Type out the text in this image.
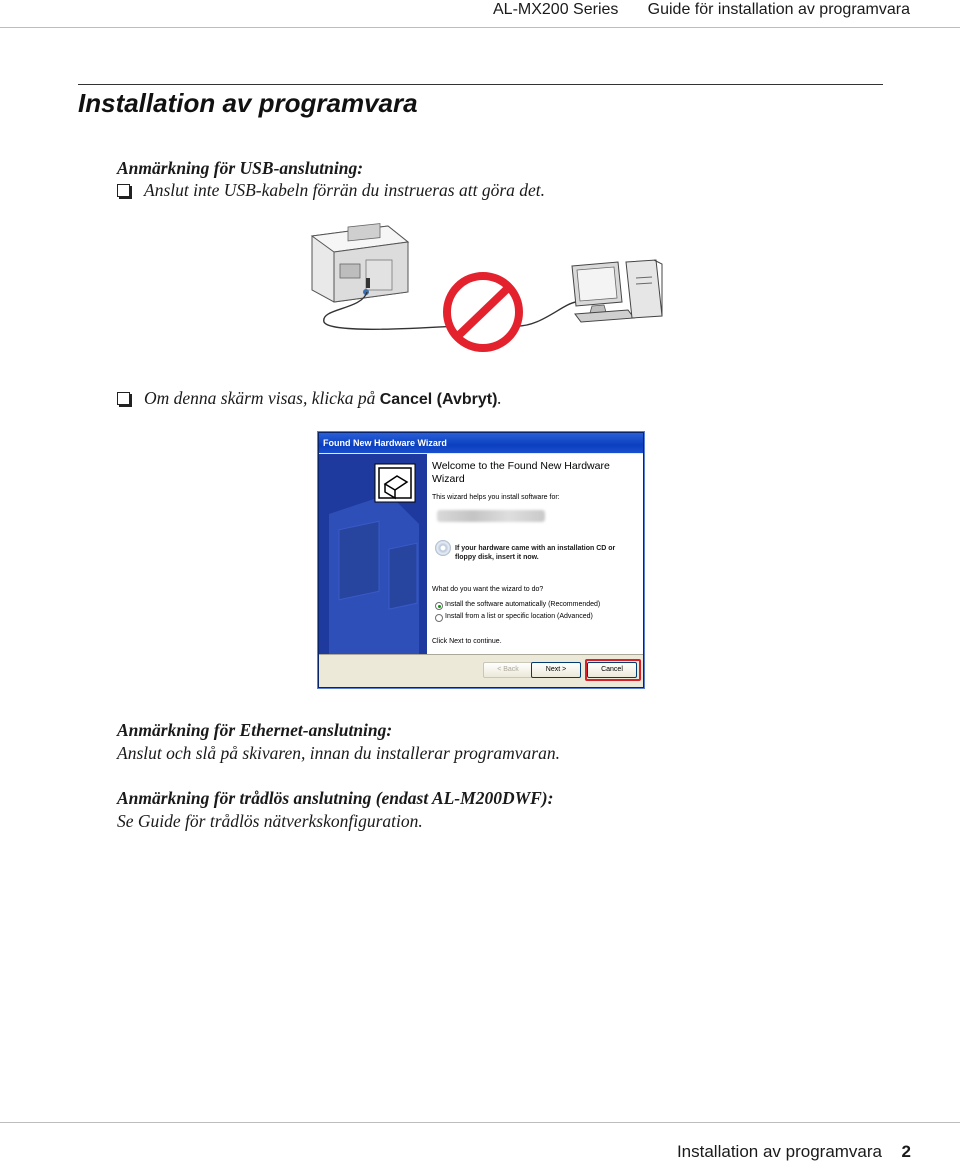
AL-MX200 Series Guide för installation av programvara
Installation av programvara
Anmärkning för USB-anslutning:
Anslut inte USB-kabeln förrän du instrueras att göra det.
Om denna skärm visas, klicka på Cancel (Avbryt).
Found New Hardware Wizard
Welcome to the Found New Hardware Wizard
This wizard helps you install software for:
If your hardware came with an installation CD or floppy disk, insert it now.
What do you want the wizard to do?
Install the software automatically (Recommended)
Install from a list or specific location (Advanced)
Click Next to continue.
< Back	Next >	Cancel
Anmärkning för Ethernet-anslutning:
Anslut och slå på skivaren, innan du installerar programvaran.
Anmärkning för trådlös anslutning (endast AL-M200DWF):
Se Guide för trådlös nätverkskonfiguration.
Installation av programvara 2
